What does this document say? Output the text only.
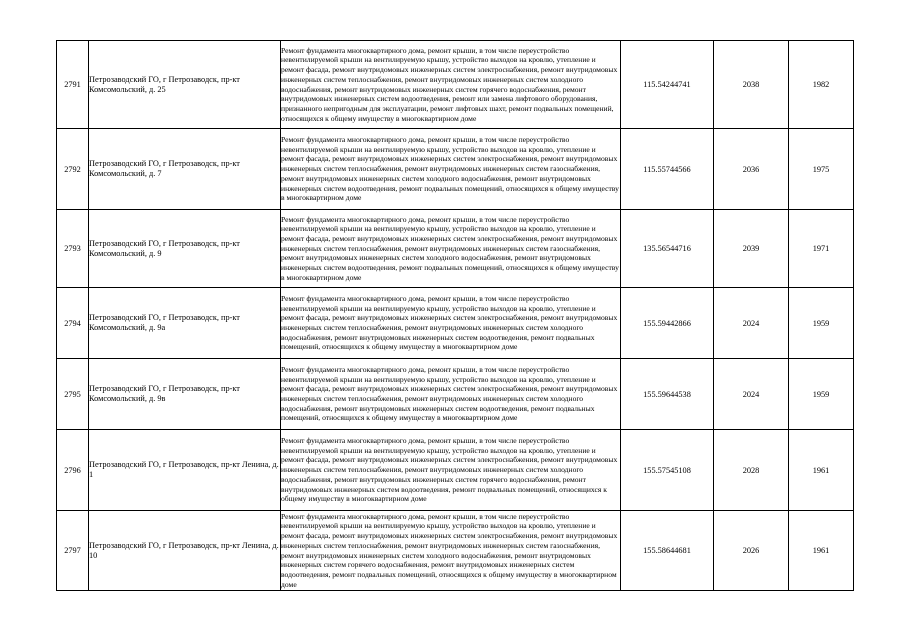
2791	Петрозаводский ГО, г Петрозаводск, пр-кт Комсомольский, д. 25	Ремонт фундамента многоквартирного дома, ремонт крыши, в том числе переустройство невентилируемой крыши на вентилируемую крышу, устройство выходов на кровлю, утепление и ремонт фасада, ремонт внутридомовых инженерных систем электроснабжения, ремонт внутридомовых инженерных систем теплоснабжения, ремонт внутридомовых инженерных систем холодного водоснабжения, ремонт внутридомовых инженерных систем горячего водоснабжения, ремонт внутридомовых инженерных систем водоотведения, ремонт или замена лифтового оборудования, признанного непригодным для эксплуатации, ремонт лифтовых шахт, ремонт подвальных помещений, относящихся к общему имуществу в многоквартирном доме	115.54244741	2038	1982
2792	Петрозаводский ГО, г Петрозаводск, пр-кт Комсомольский, д. 7	Ремонт фундамента многоквартирного дома, ремонт крыши, в том числе переустройство невентилируемой крыши на вентилируемую крышу, устройство выходов на кровлю, утепление и ремонт фасада, ремонт внутридомовых инженерных систем электроснабжения, ремонт внутридомовых инженерных систем теплоснабжения, ремонт внутридомовых инженерных систем газоснабжения, ремонт внутридомовых инженерных систем холодного водоснабжения, ремонт внутридомовых инженерных систем водоотведения, ремонт подвальных помещений, относящихся к общему имуществу в многоквартирном доме	115.55744566	2036	1975
2793	Петрозаводский ГО, г Петрозаводск, пр-кт Комсомольский, д. 9	Ремонт фундамента многоквартирного дома, ремонт крыши, в том числе переустройство невентилируемой крыши на вентилируемую крышу, устройство выходов на кровлю, утепление и ремонт фасада, ремонт внутридомовых инженерных систем электроснабжения, ремонт внутридомовых инженерных систем теплоснабжения, ремонт внутридомовых инженерных систем газоснабжения, ремонт внутридомовых инженерных систем холодного водоснабжения, ремонт внутридомовых инженерных систем водоотведения, ремонт подвальных помещений, относящихся к общему имуществу в многоквартирном доме	135.56544716	2039	1971
2794	Петрозаводский ГО, г Петрозаводск, пр-кт Комсомольский, д. 9а	Ремонт фундамента многоквартирного дома, ремонт крыши, в том числе переустройство невентилируемой крыши на вентилируемую крышу, устройство выходов на кровлю, утепление и ремонт фасада, ремонт внутридомовых инженерных систем электроснабжения, ремонт внутридомовых инженерных систем теплоснабжения, ремонт внутридомовых инженерных систем холодного водоснабжения, ремонт внутридомовых инженерных систем водоотведения, ремонт подвальных помещений, относящихся к общему имуществу в многоквартирном доме	155.59442866	2024	1959
2795	Петрозаводский ГО, г Петрозаводск, пр-кт Комсомольский, д. 9в	Ремонт фундамента многоквартирного дома, ремонт крыши, в том числе переустройство невентилируемой крыши на вентилируемую крышу, устройство выходов на кровлю, утепление и ремонт фасада, ремонт внутридомовых инженерных систем электроснабжения, ремонт внутридомовых инженерных систем теплоснабжения, ремонт внутридомовых инженерных систем холодного водоснабжения, ремонт внутридомовых инженерных систем водоотведения, ремонт подвальных помещений, относящихся к общему имуществу в многоквартирном доме	155.59644538	2024	1959
2796	Петрозаводский ГО, г Петрозаводск, пр-кт Ленина, д. 1	Ремонт фундамента многоквартирного дома, ремонт крыши, в том числе переустройство невентилируемой крыши на вентилируемую крышу, устройство выходов на кровлю, утепление и ремонт фасада, ремонт внутридомовых инженерных систем электроснабжения, ремонт внутридомовых инженерных систем теплоснабжения, ремонт внутридомовых инженерных систем холодного водоснабжения, ремонт внутридомовых инженерных систем горячего водоснабжения, ремонт внутридомовых инженерных систем водоотведения, ремонт подвальных помещений, относящихся к общему имуществу в многоквартирном доме	155.57545108	2028	1961
2797	Петрозаводский ГО, г Петрозаводск, пр-кт Ленина, д. 10	Ремонт фундамента многоквартирного дома, ремонт крыши, в том числе переустройство невентилируемой крыши на вентилируемую крышу, устройство выходов на кровлю, утепление и ремонт фасада, ремонт внутридомовых инженерных систем электроснабжения, ремонт внутридомовых инженерных систем теплоснабжения, ремонт внутридомовых инженерных систем газоснабжения, ремонт внутридомовых инженерных систем холодного водоснабжения, ремонт внутридомовых инженерных систем горячего водоснабжения, ремонт внутридомовых инженерных систем водоотведения, ремонт подвальных помещений, относящихся к общему имуществу в многоквартирном доме	155.58644681	2026	1961
